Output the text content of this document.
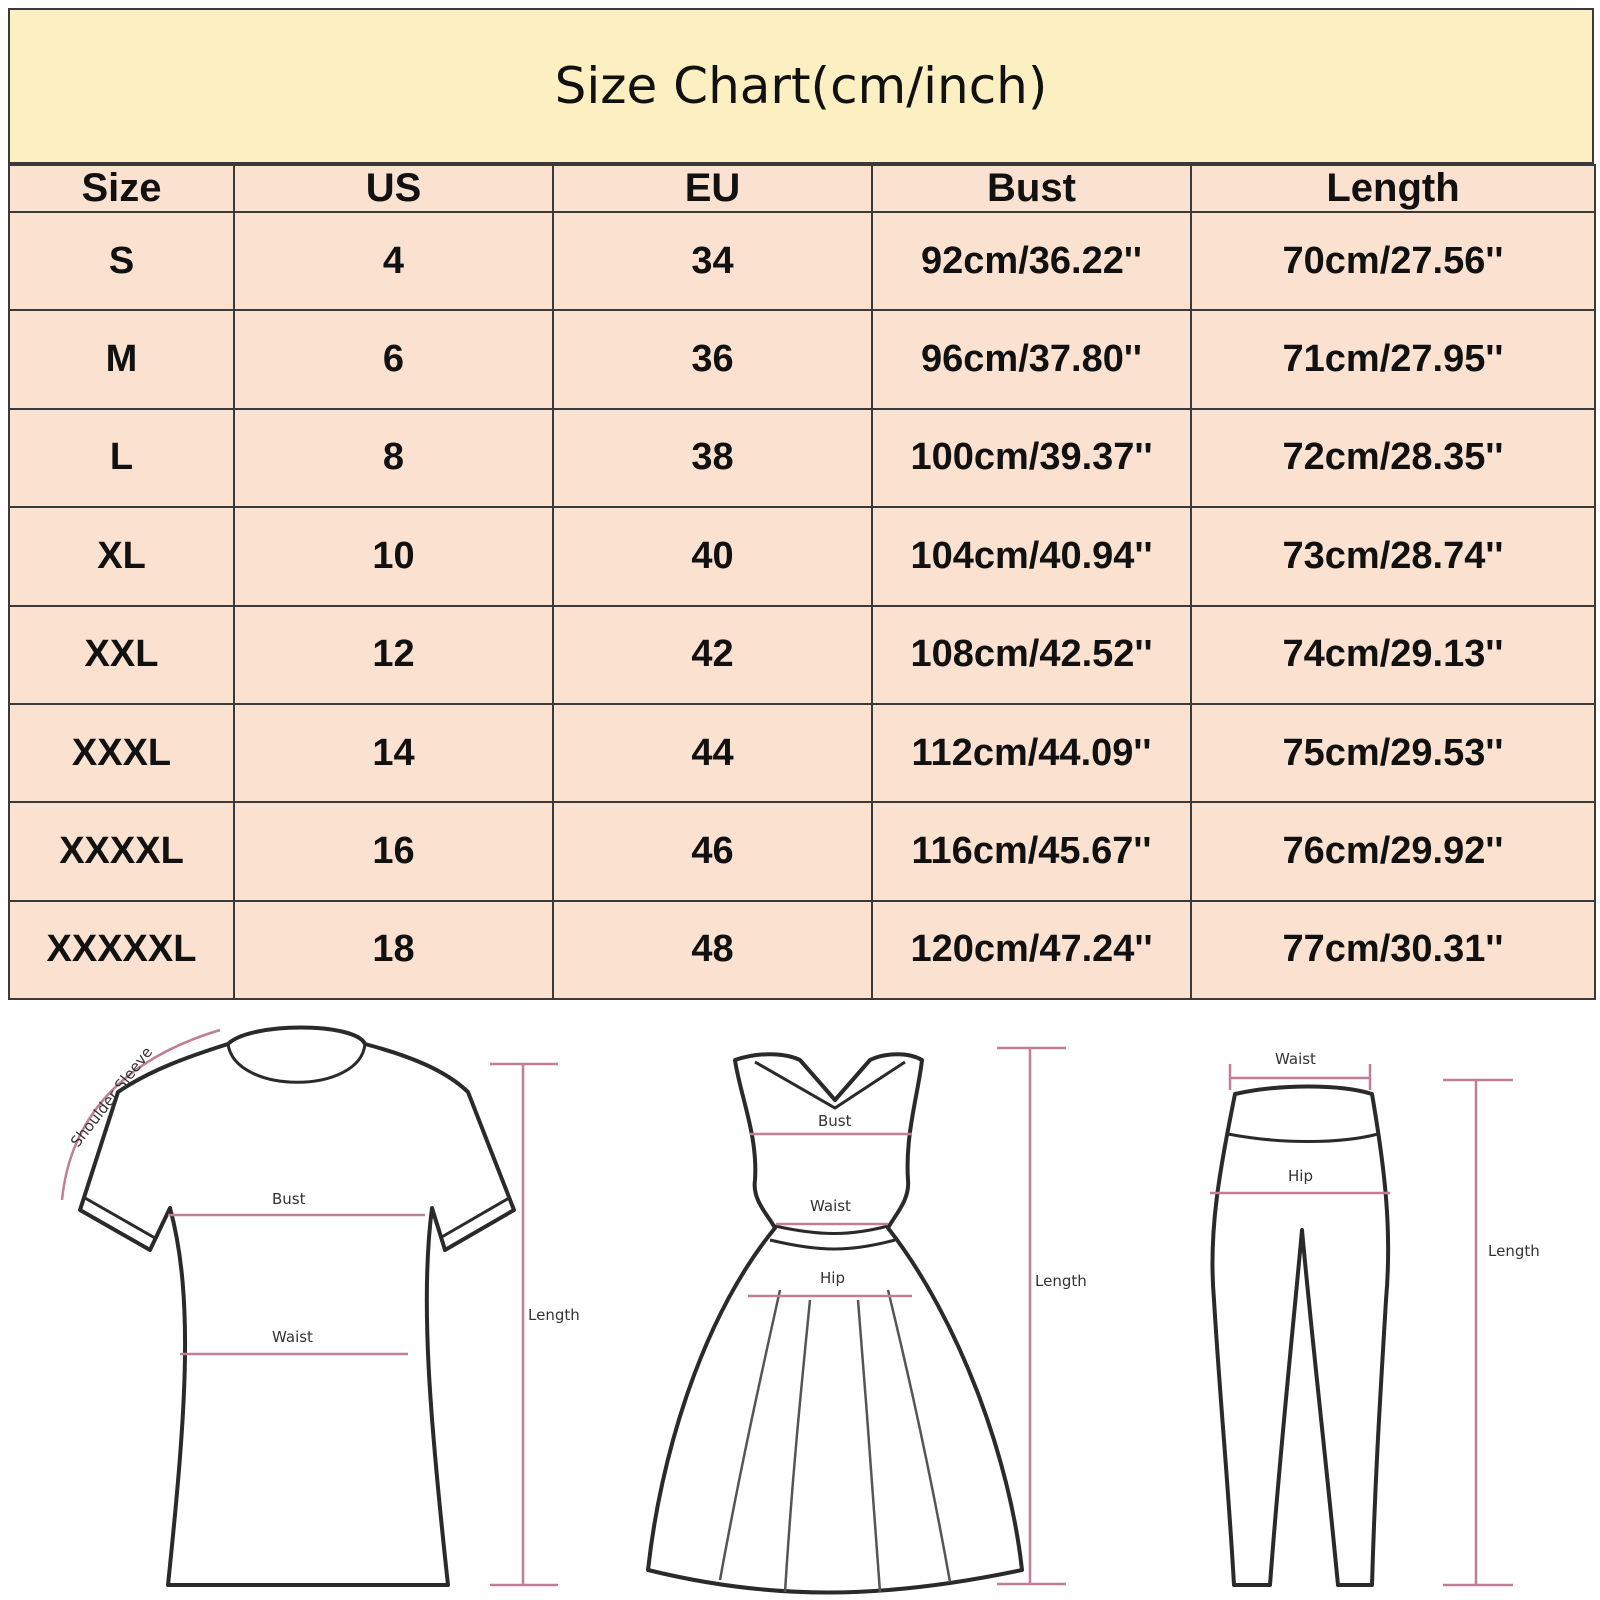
Size Chart(cm/inch)
Size	US	EU	Bust	Length
S	4	34	92cm/36.22''	70cm/27.56''
M	6	36	96cm/37.80''	71cm/27.95''
L	8	38	100cm/39.37''	72cm/28.35''
XL	10	40	104cm/40.94''	73cm/28.74''
XXL	12	42	108cm/42.52''	74cm/29.13''
XXXL	14	44	112cm/44.09''	75cm/29.53''
XXXXL	16	46	116cm/45.67''	76cm/29.92''
XXXXXL	18	48	120cm/47.24''	77cm/30.31''
Shoulder Sleeve
Bust
Waist
Length
Bust
Waist
Hip	Length
Waist
Hip
Length
